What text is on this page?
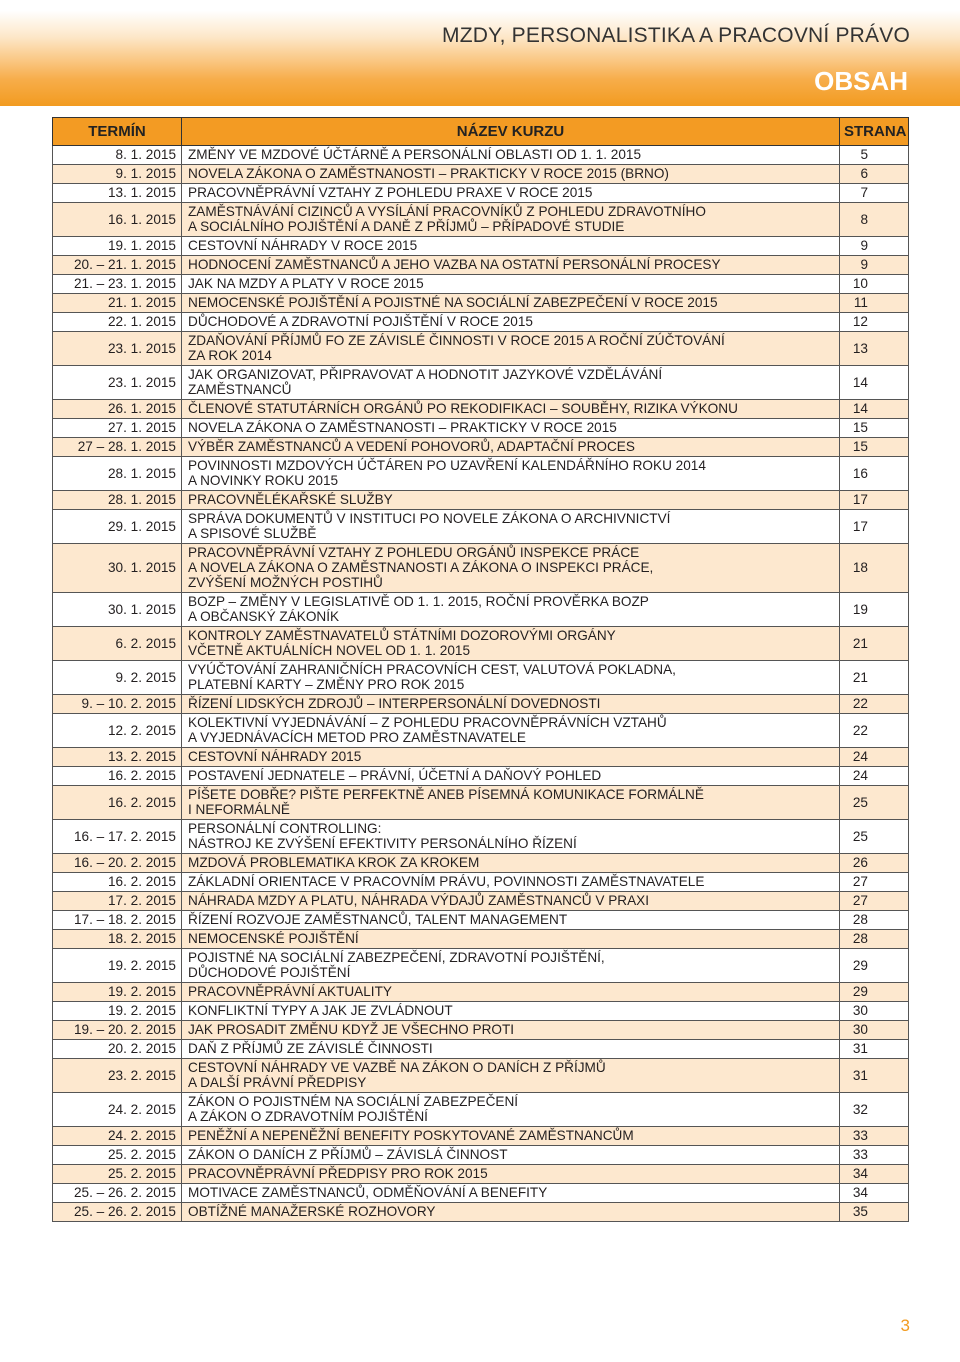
MZDY, PERSONALISTIKA A PRACOVNÍ PRÁVO
OBSAH
TERMÍN	NÁZEV KURZU	STRANA
8. 1. 2015	ZMĚNY VE MZDOVÉ ÚČTÁRNĚ A PERSONÁLNÍ OBLASTI OD 1. 1. 2015	5
9. 1. 2015	NOVELA ZÁKONA O ZAMĚSTNANOSTI – PRAKTICKY V ROCE 2015 (BRNO)	6
13. 1. 2015	PRACOVNĚPRÁVNÍ VZTAHY Z POHLEDU PRAXE V ROCE 2015	7
16. 1. 2015	ZAMĚSTNÁVÁNÍ CIZINCŮ A VYSÍLÁNÍ PRACOVNÍKŮ Z POHLEDU ZDRAVOTNÍHO
A SOCIÁLNÍHO POJIŠTĚNÍ A DANĚ Z PŘÍJMŮ – PŘÍPADOVÉ STUDIE	8
19. 1. 2015	CESTOVNÍ NÁHRADY V ROCE 2015	9
20. – 21. 1. 2015	HODNOCENÍ ZAMĚSTNANCŮ A JEHO VAZBA NA OSTATNÍ PERSONÁLNÍ PROCESY	9
21. – 23. 1. 2015	JAK NA MZDY A PLATY V ROCE 2015	10
21. 1. 2015	NEMOCENSKÉ POJIŠTĚNÍ A POJISTNÉ NA SOCIÁLNÍ ZABEZPEČENÍ V ROCE 2015	11
22. 1. 2015	DŮCHODOVÉ A ZDRAVOTNÍ POJIŠTĚNÍ V ROCE 2015	12
23. 1. 2015	ZDAŇOVÁNÍ PŘÍJMŮ FO ZE ZÁVISLÉ ČINNOSTI V ROCE 2015 A ROČNÍ ZÚČTOVÁNÍ
ZA ROK 2014	13
23. 1. 2015	JAK ORGANIZOVAT, PŘIPRAVOVAT A HODNOTIT JAZYKOVÉ VZDĚLÁVÁNÍ
ZAMĚSTNANCŮ	14
26. 1. 2015	ČLENOVÉ STATUTÁRNÍCH ORGÁNŮ PO REKODIFIKACI – SOUBĚHY, RIZIKA VÝKONU	14
27. 1. 2015	NOVELA ZÁKONA O ZAMĚSTNANOSTI – PRAKTICKY V ROCE 2015	15
27 – 28. 1. 2015	VÝBĚR ZAMĚSTNANCŮ A VEDENÍ POHOVORŮ, ADAPTAČNÍ PROCES	15
28. 1. 2015	POVINNOSTI MZDOVÝCH ÚČTÁREN PO UZAVŘENÍ KALENDÁŘNÍHO ROKU 2014
A NOVINKY ROKU 2015	16
28. 1. 2015	PRACOVNĚLÉKAŘSKÉ SLUŽBY	17
29. 1. 2015	SPRÁVA DOKUMENTŮ V INSTITUCI PO NOVELE ZÁKONA O ARCHIVNICTVÍ
A SPISOVÉ SLUŽBĚ	17
30. 1. 2015	PRACOVNĚPRÁVNÍ VZTAHY Z POHLEDU ORGÁNŮ INSPEKCE PRÁCE
A NOVELA ZÁKONA O ZAMĚSTNANOSTI A ZÁKONA O INSPEKCI PRÁCE,
ZVÝŠENÍ MOŽNÝCH POSTIHŮ	18
30. 1. 2015	BOZP – ZMĚNY V LEGISLATIVĚ OD 1. 1. 2015, ROČNÍ PROVĚRKA BOZP
A OBČANSKÝ ZÁKONÍK	19
6. 2. 2015	KONTROLY ZAMĚSTNAVATELŮ STÁTNÍMI DOZOROVÝMI ORGÁNY
VČETNĚ AKTUÁLNÍCH NOVEL OD 1. 1. 2015	21
9. 2. 2015	VYÚČTOVÁNÍ ZAHRANIČNÍCH PRACOVNÍCH CEST, VALUTOVÁ POKLADNA,
PLATEBNÍ KARTY – ZMĚNY PRO ROK 2015	21
9. – 10. 2. 2015	ŘÍZENÍ LIDSKÝCH ZDROJŮ – INTERPERSONÁLNÍ DOVEDNOSTI	22
12. 2. 2015	KOLEKTIVNÍ VYJEDNÁVÁNÍ – Z POHLEDU PRACOVNĚPRÁVNÍCH VZTAHŮ
A VYJEDNÁVACÍCH METOD PRO ZAMĚSTNAVATELE	22
13. 2. 2015	CESTOVNÍ NÁHRADY 2015	24
16. 2. 2015	POSTAVENÍ JEDNATELE – PRÁVNÍ, ÚČETNÍ A DAŇOVÝ POHLED	24
16. 2. 2015	PÍŠETE DOBŘE? PIŠTE PERFEKTNĚ ANEB PÍSEMNÁ KOMUNIKACE FORMÁLNĚ
I NEFORMÁLNĚ	25
16. – 17. 2. 2015	PERSONÁLNÍ CONTROLLING:
NÁSTROJ KE ZVÝŠENÍ EFEKTIVITY PERSONÁLNÍHO ŘÍZENÍ	25
16. – 20. 2. 2015	MZDOVÁ PROBLEMATIKA KROK ZA KROKEM	26
16. 2. 2015	ZÁKLADNÍ ORIENTACE V PRACOVNÍM PRÁVU, POVINNOSTI ZAMĚSTNAVATELE	27
17. 2. 2015	NÁHRADA MZDY A PLATU, NÁHRADA VÝDAJŮ ZAMĚSTNANCŮ V PRAXI	27
17. – 18. 2. 2015	ŘÍZENÍ ROZVOJE ZAMĚSTNANCŮ, TALENT MANAGEMENT	28
18. 2. 2015	NEMOCENSKÉ POJIŠTĚNÍ	28
19. 2. 2015	POJISTNÉ NA SOCIÁLNÍ ZABEZPEČENÍ, ZDRAVOTNÍ POJIŠTĚNÍ,
DŮCHODOVÉ POJIŠTĚNÍ	29
19. 2. 2015	PRACOVNĚPRÁVNÍ AKTUALITY	29
19. 2. 2015	KONFLIKTNÍ TYPY A JAK JE ZVLÁDNOUT	30
19. – 20. 2. 2015	JAK PROSADIT ZMĚNU KDYŽ JE VŠECHNO PROTI	30
20. 2. 2015	DAŇ Z PŘÍJMŮ ZE ZÁVISLÉ ČINNOSTI	31
23. 2. 2015	CESTOVNÍ NÁHRADY VE VAZBĚ NA ZÁKON O DANÍCH Z PŘÍJMŮ
A DALŠÍ PRÁVNÍ PŘEDPISY	31
24. 2. 2015	ZÁKON O POJISTNÉM NA SOCIÁLNÍ ZABEZPEČENÍ
A ZÁKON O ZDRAVOTNÍM POJIŠTĚNÍ	32
24. 2. 2015	PENĚŽNÍ A NEPENĚŽNÍ BENEFITY POSKYTOVANÉ ZAMĚSTNANCŮM	33
25. 2. 2015	ZÁKON O DANÍCH Z PŘÍJMŮ – ZÁVISLÁ ČINNOST	33
25. 2. 2015	PRACOVNĚPRÁVNÍ PŘEDPISY PRO ROK 2015	34
25. – 26. 2. 2015	MOTIVACE ZAMĚSTNANCŮ, ODMĚŇOVÁNÍ A BENEFITY	34
25. – 26. 2. 2015	OBTÍŽNÉ MANAŽERSKÉ ROZHOVORY	35
3
